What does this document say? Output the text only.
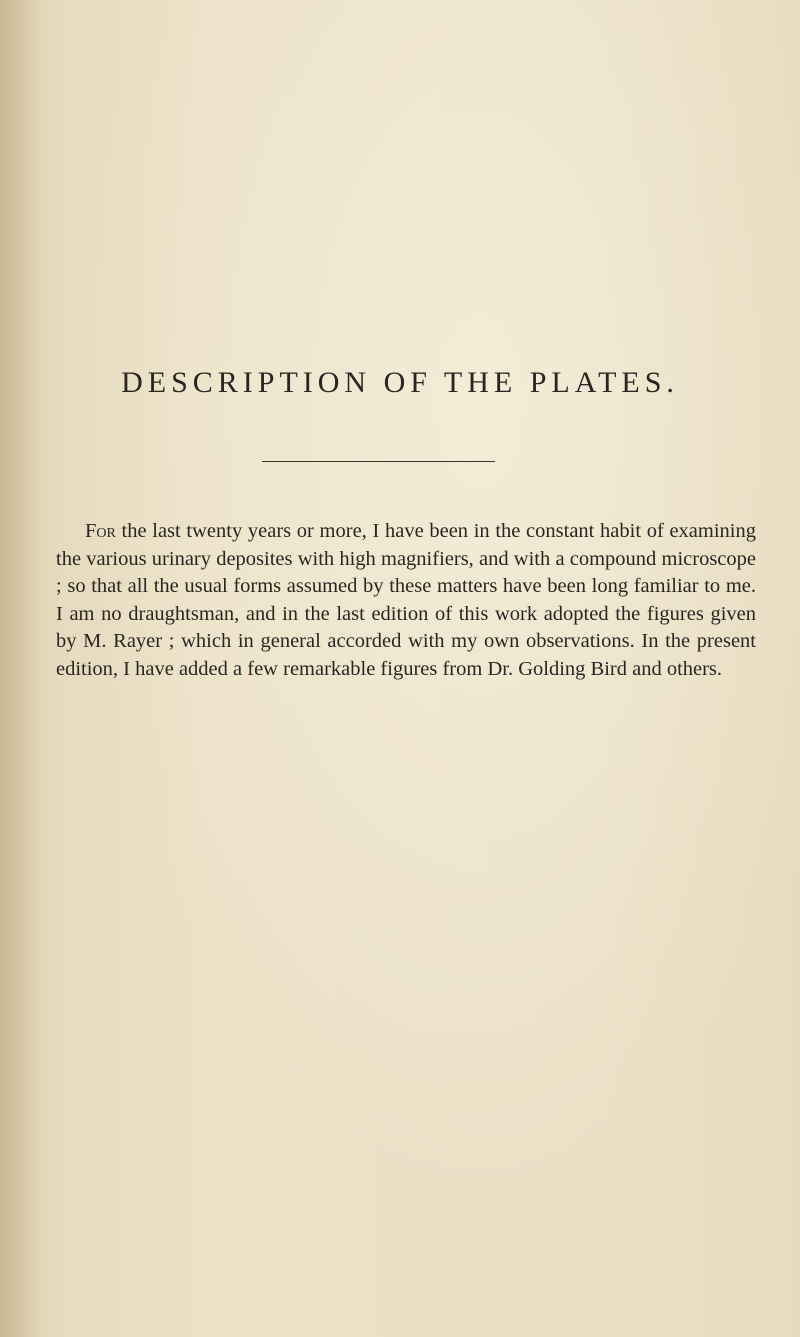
DESCRIPTION OF THE PLATES.

For the last twenty years or more, I have been in the constant habit of examining the various urinary deposites with high magnifiers, and with a compound microscope ; so that all the usual forms assumed by these matters have been long familiar to me. I am no draughtsman, and in the last edition of this work adopted the figures given by M. Rayer ; which in general accorded with my own observations. In the present edition, I have added a few remarkable figures from Dr. Golding Bird and others.
